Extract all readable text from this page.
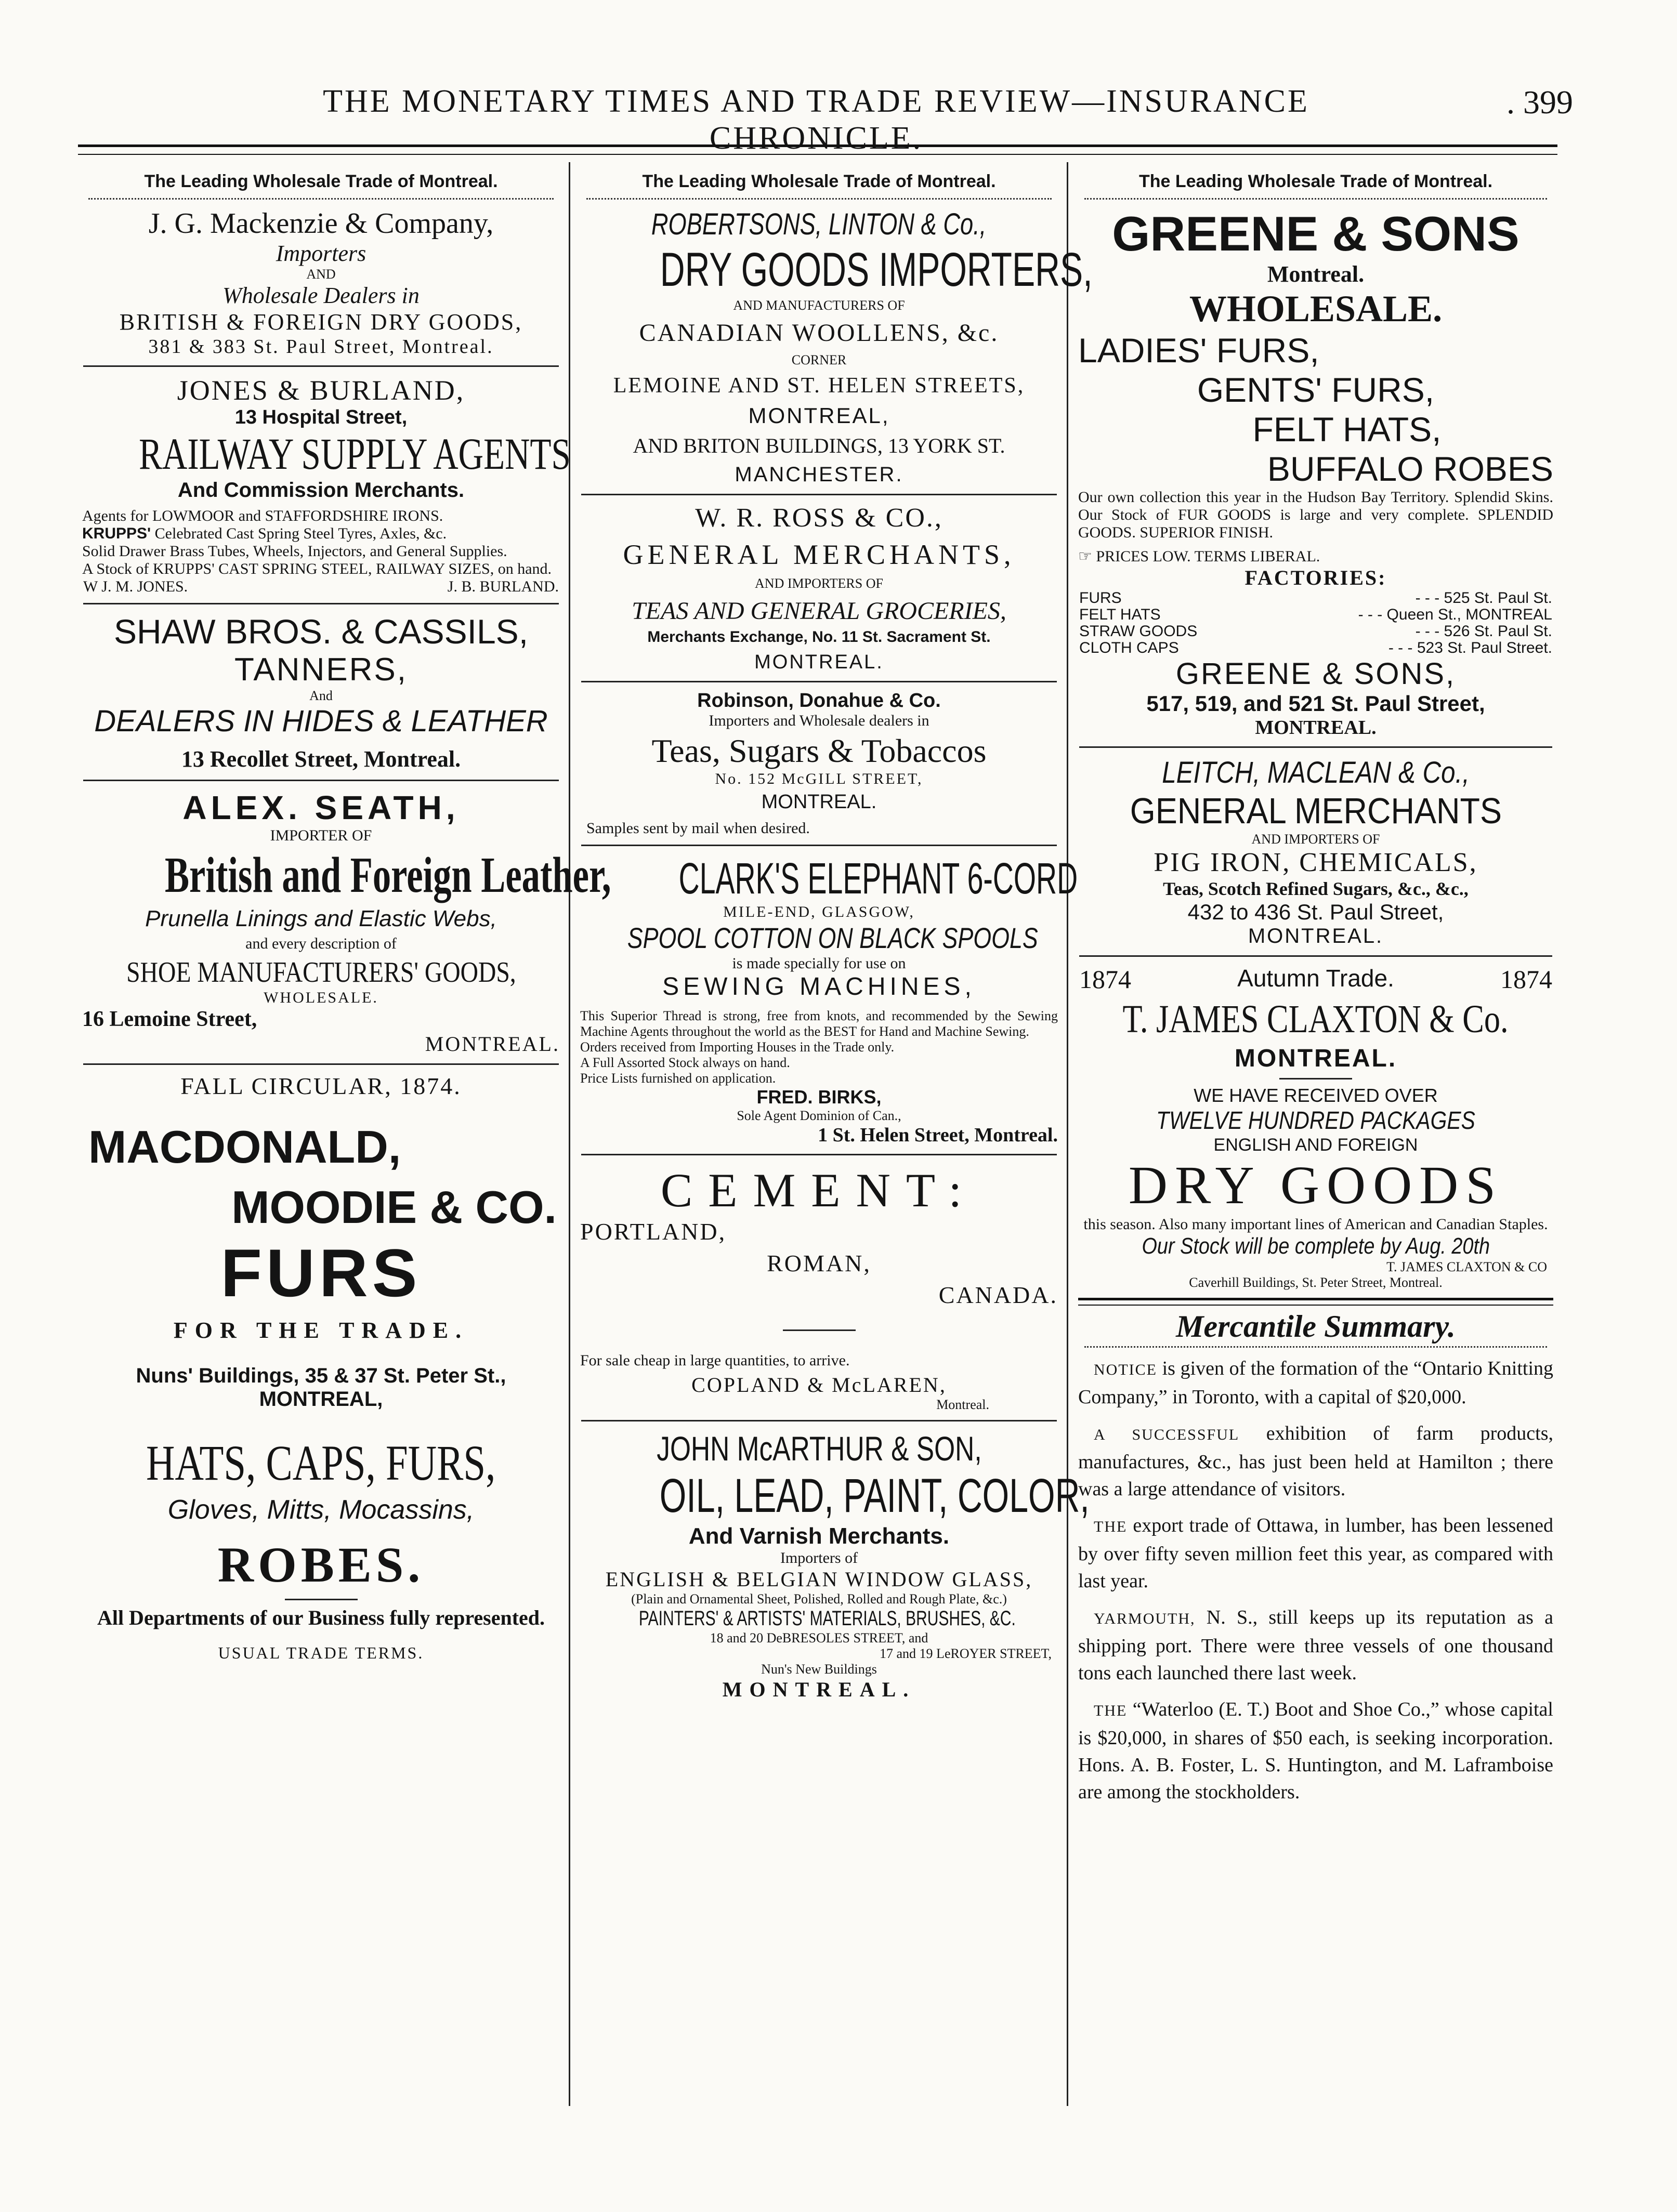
THE MONETARY TIMES AND TRADE REVIEW—INSURANCE CHRONICLE.
. 399

The Leading Wholesale Trade of Montreal.

J. G. Mackenzie & Company,

Importers

AND

Wholesale Dealers in

BRITISH & FOREIGN DRY GOODS,

381 & 383 St. Paul Street, Montreal.

JONES & BURLAND,

13 Hospital Street,

RAILWAY SUPPLY AGENTS

And Commission Merchants.

Agents for LOWMOOR and STAFFORDSHIRE IRONS.

KRUPPS' Celebrated Cast Spring Steel Tyres, Axles, &c.

Solid Drawer Brass Tubes, Wheels, Injectors, and General Supplies.

A Stock of KRUPPS' CAST SPRING STEEL, RAILWAY SIZES, on hand.

W J. M. JONES.	J. B. BURLAND.

SHAW BROS. & CASSILS,

TANNERS,

And

DEALERS IN HIDES & LEATHER

13 Recollet Street, Montreal.

ALEX. SEATH,

IMPORTER OF

British and Foreign Leather,

Prunella Linings and Elastic Webs,

and every description of

SHOE MANUFACTURERS' GOODS,

WHOLESALE.

16 Lemoine Street,

MONTREAL.

FALL CIRCULAR, 1874.

MACDONALD,

MOODIE & CO.

FURS

FOR THE TRADE.

Nuns' Buildings, 35 & 37 St. Peter St.,

MONTREAL,

HATS, CAPS, FURS,

Gloves, Mitts, Mocassins,

ROBES.

All Departments of our Business fully represented.

USUAL TRADE TERMS.

The Leading Wholesale Trade of Montreal.

ROBERTSONS, LINTON & Co.,

DRY GOODS IMPORTERS,

AND MANUFACTURERS OF

CANADIAN WOOLLENS, &c.

CORNER

LEMOINE AND ST. HELEN STREETS,

MONTREAL,

AND BRITON BUILDINGS, 13 YORK ST.

MANCHESTER.

W. R. ROSS & CO.,

GENERAL MERCHANTS,

AND IMPORTERS OF

TEAS AND GENERAL GROCERIES,

Merchants Exchange, No. 11 St. Sacrament St.

MONTREAL.

Robinson, Donahue & Co.

Importers and Wholesale dealers in

Teas, Sugars & Tobaccos

No. 152 McGILL STREET,

MONTREAL.

Samples sent by mail when desired.

CLARK'S ELEPHANT 6-CORD

MILE-END, GLASGOW,

SPOOL COTTON ON BLACK SPOOLS

is made specially for use on

SEWING MACHINES,

This Superior Thread is strong, free from knots, and recommended by the Sewing Machine Agents throughout the world as the BEST for Hand and Machine Sewing.

Orders received from Importing Houses in the Trade only.

A Full Assorted Stock always on hand.

Price Lists furnished on application.

FRED. BIRKS,

Sole Agent Dominion of Can.,

1 St. Helen Street, Montreal.

CEMENT:

PORTLAND,

ROMAN,

CANADA.

For sale cheap in large quantities, to arrive.

COPLAND & McLAREN,

Montreal.

JOHN McARTHUR & SON,

OIL, LEAD, PAINT, COLOR,

And Varnish Merchants.

Importers of

ENGLISH & BELGIAN WINDOW GLASS,

(Plain and Ornamental Sheet, Polished, Rolled and Rough Plate, &c.)

PAINTERS' & ARTISTS' MATERIALS, BRUSHES, &C.

18 and 20 DeBRESOLES STREET, and

17 and 19 LeROYER STREET,

Nun's New Buildings

MONTREAL.

The Leading Wholesale Trade of Montreal.

GREENE & SONS

Montreal.

WHOLESALE.

LADIES' FURS,

GENTS' FURS,

FELT HATS,

BUFFALO ROBES

Our own collection this year in the Hudson Bay Territory. Splendid Skins. Our Stock of FUR GOODS is large and very complete. SPLENDID GOODS. SUPERIOR FINISH.

☞ PRICES LOW. TERMS LIBERAL.

FACTORIES:

FURS	- - - 525 St. Paul St.
FELT HATS	- - - Queen St., MONTREAL
STRAW GOODS	- - - 526 St. Paul St.
CLOTH CAPS	- - - 523 St. Paul Street.

GREENE & SONS,

517, 519, and 521 St. Paul Street,

MONTREAL.

LEITCH, MACLEAN & Co.,

GENERAL MERCHANTS

AND IMPORTERS OF

PIG IRON, CHEMICALS,

Teas, Scotch Refined Sugars, &c., &c.,

432 to 436 St. Paul Street,

MONTREAL.

1874	Autumn Trade.	1874

T. JAMES CLAXTON & Co.

MONTREAL.

WE HAVE RECEIVED OVER

TWELVE HUNDRED PACKAGES

ENGLISH AND FOREIGN

DRY GOODS

this season. Also many important lines of American and Canadian Staples.

Our Stock will be complete by Aug. 20th

T. JAMES CLAXTON & CO

Caverhill Buildings, St. Peter Street, Montreal.

Mercantile Summary.

NOTICE is given of the formation of the “Ontario Knitting Company,” in Toronto, with a capital of $20,000.

A SUCCESSFUL exhibition of farm products, manufactures, &c., has just been held at Hamilton ; there was a large attendance of visitors.

THE export trade of Ottawa, in lumber, has been lessened by over fifty seven million feet this year, as compared with last year.

YARMOUTH, N. S., still keeps up its reputation as a shipping port. There were three vessels of one thousand tons each launched there last week.

THE “Waterloo (E. T.) Boot and Shoe Co.,” whose capital is $20,000, in shares of $50 each, is seeking incorporation. Hons. A. B. Foster, L. S. Huntington, and M. Laframboise are among the stockholders.
